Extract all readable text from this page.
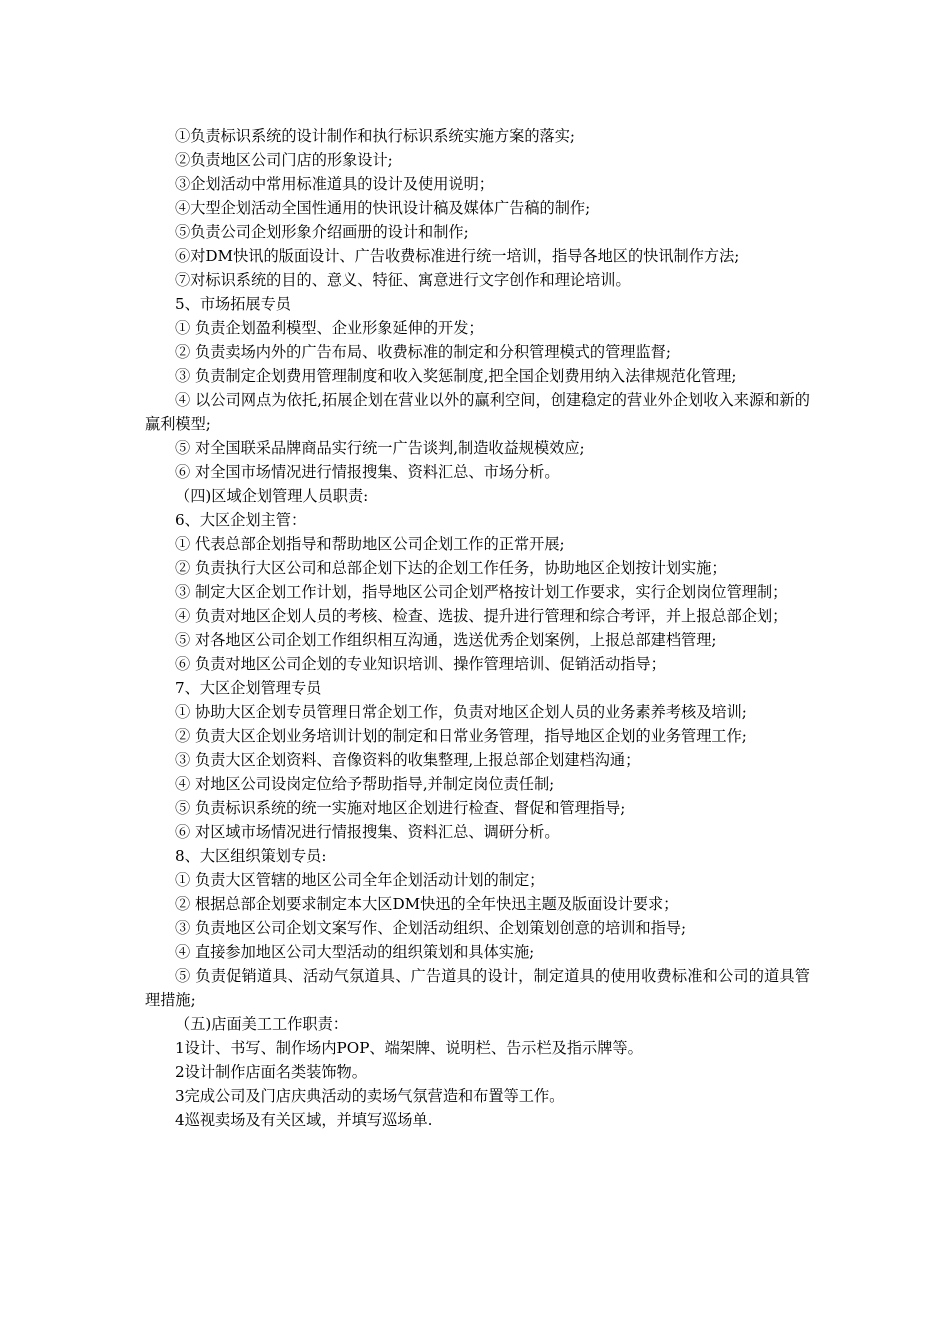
①负责标识系统的设计制作和执行标识系统实施方案的落实;

②负责地区公司门店的形象设计;

③企划活动中常用标准道具的设计及使用说明；

④大型企划活动全国性通用的快讯设计稿及媒体广告稿的制作;

⑤负责公司企划形象介绍画册的设计和制作;

⑥对DM快讯的版面设计、广告收费标准进行统一培训，指导各地区的快讯制作方法;

⑦对标识系统的目的、意义、特征、寓意进行文字创作和理论培训。

5、市场拓展专员

① 负责企划盈利模型、企业形象延伸的开发；

② 负责卖场内外的广告布局、收费标准的制定和分积管理模式的管理监督;

③ 负责制定企划费用管理制度和收入奖惩制度,把全国企划费用纳入法律规范化管理;

④ 以公司网点为依托,拓展企划在营业以外的赢利空间，创建稳定的营业外企划收入来源和新的赢利模型;

⑤ 对全国联采品牌商品实行统一广告谈判,制造收益规模效应;

⑥ 对全国市场情况进行情报搜集、资料汇总、市场分析。

（四)区域企划管理人员职责:

6、大区企划主管：

① 代表总部企划指导和帮助地区公司企划工作的正常开展;

② 负责执行大区公司和总部企划下达的企划工作任务，协助地区企划按计划实施；

③ 制定大区企划工作计划，指导地区公司企划严格按计划工作要求，实行企划岗位管理制；

④ 负责对地区企划人员的考核、检查、选拔、提升进行管理和综合考评，并上报总部企划；

⑤ 对各地区公司企划工作组织相互沟通，选送优秀企划案例，上报总部建档管理;

⑥ 负责对地区公司企划的专业知识培训、操作管理培训、促销活动指导；

7、大区企划管理专员

① 协助大区企划专员管理日常企划工作，负责对地区企划人员的业务素养考核及培训;

② 负责大区企划业务培训计划的制定和日常业务管理，指导地区企划的业务管理工作;

③ 负责大区企划资料、音像资料的收集整理,上报总部企划建档沟通；

④ 对地区公司设岗定位给予帮助指导,并制定岗位责任制;

⑤ 负责标识系统的统一实施对地区企划进行检查、督促和管理指导;

⑥ 对区域市场情况进行情报搜集、资料汇总、调研分析。

8、大区组织策划专员:

① 负责大区管辖的地区公司全年企划活动计划的制定；

② 根据总部企划要求制定本大区DM快迅的全年快迅主题及版面设计要求；

③ 负责地区公司企划文案写作、企划活动组织、企划策划创意的培训和指导;

④ 直接参加地区公司大型活动的组织策划和具体实施;

⑤ 负责促销道具、活动气氛道具、广告道具的设计，制定道具的使用收费标准和公司的道具管理措施;

（五)店面美工工作职责：

1设计、书写、制作场内POP、端架牌、说明栏、告示栏及指示牌等。

2设计制作店面名类装饰物。

3完成公司及门店庆典活动的卖场气氛营造和布置等工作。

4巡视卖场及有关区域，并填写巡场单.
